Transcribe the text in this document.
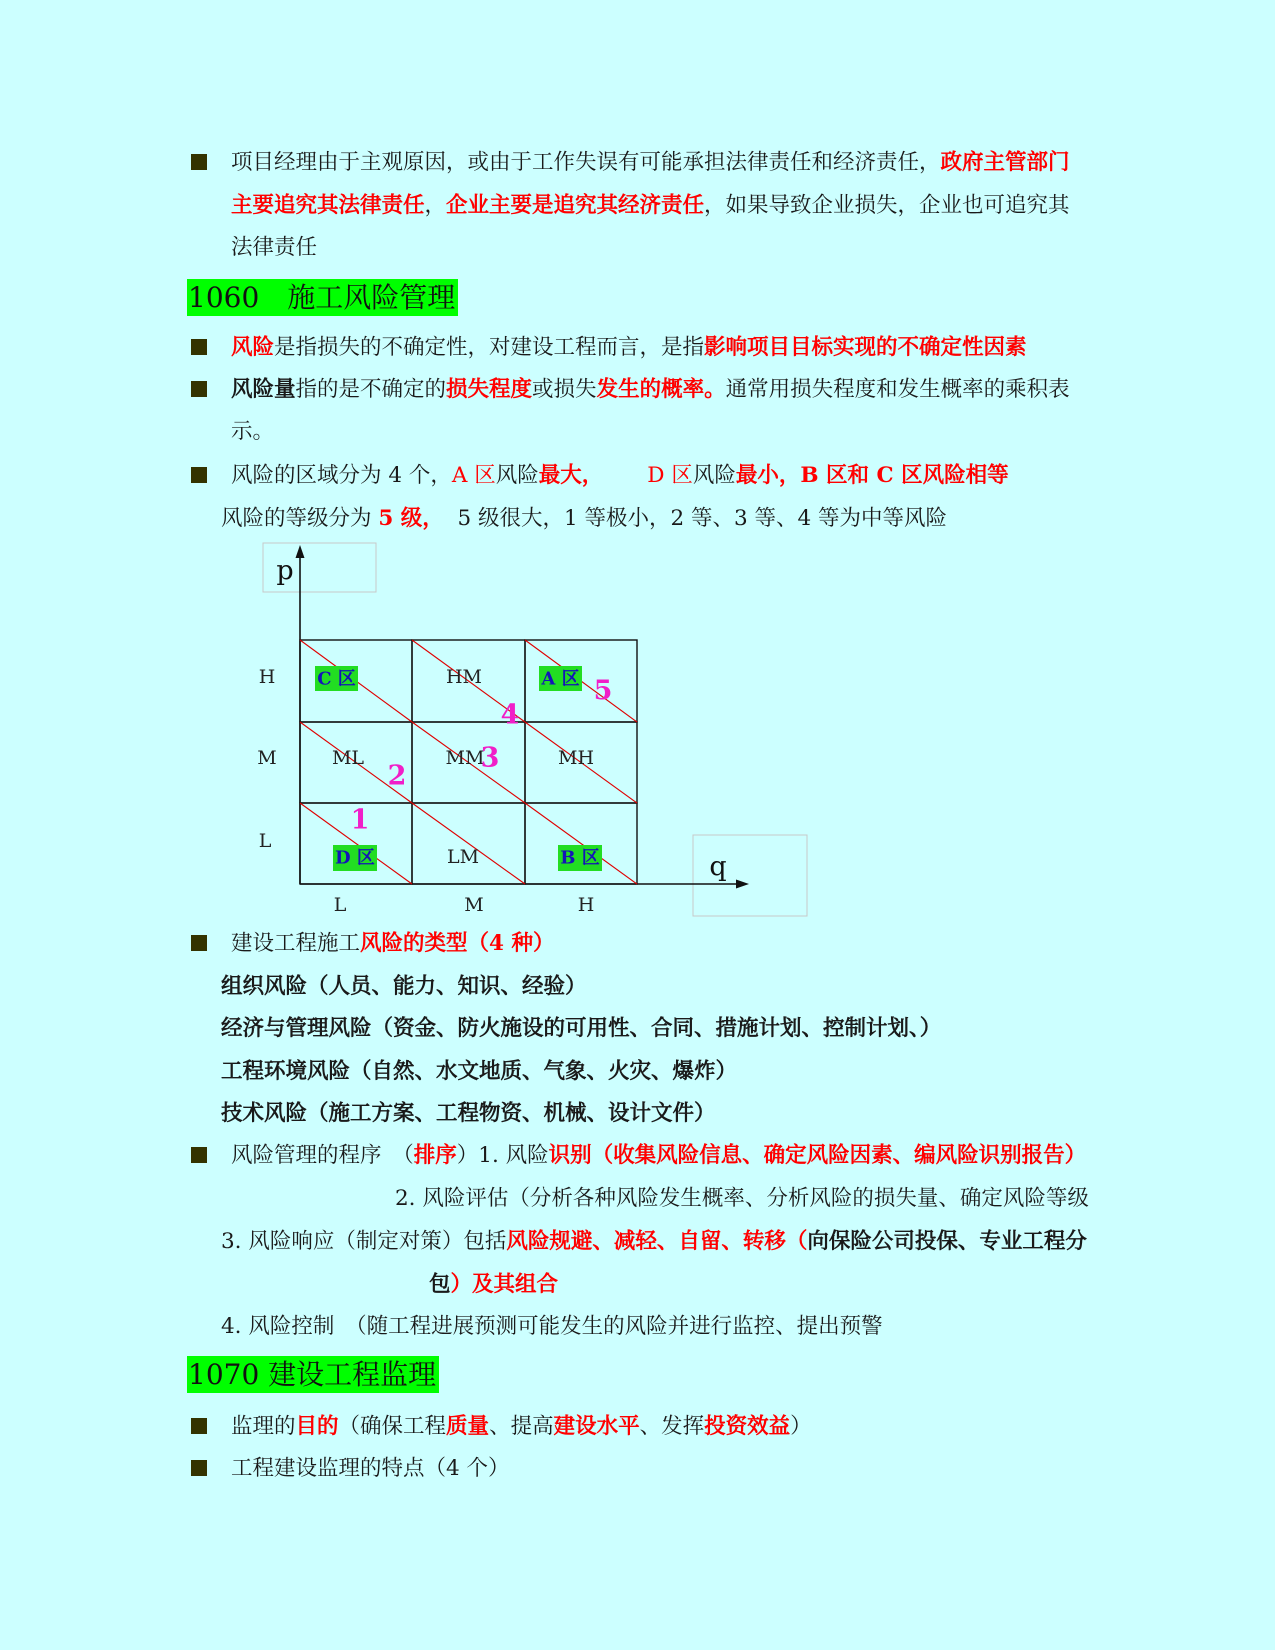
项目经理由于主观原因，或由于工作失误有可能承担法律责任和经济责任，政府主管部门
主要追究其法律责任，企业主要是追究其经济责任，如果导致企业损失，企业也可追究其
法律责任
1060　施工风险管理
风险是指损失的不确定性，对建设工程而言，是指影响项目目标实现的不确定性因素
风险量指的是不确定的损失程度或损失发生的概率。通常用损失程度和发生概率的乘积表
示。
风险的区域分为 4 个，A 区风险最大， D 区风险最小，B 区和 C 区风险相等
风险的等级分为 5 级，  5 级很大，1 等极小，2 等、3 等、4 等为中等风险
C 区	HM	A 区
ML	MM	MH
D 区	LM	B 区
H
M
L
L	M	H
p
q
1
2
3
4
5
建设工程施工风险的类型（4 种）
组织风险（人员、能力、知识、经验）
经济与管理风险（资金、防火施设的可用性、合同、措施计划、控制计划、）
工程环境风险（自然、水文地质、气象、火灾、爆炸）
技术风险（施工方案、工程物资、机械、设计文件）
风险管理的程序　（排序）1. 风险识别（收集风险信息、确定风险因素、编风险识别报告）
2. 风险评估（分析各种风险发生概率、分析风险的损失量、确定风险等级
3. 风险响应（制定对策）包括风险规避、减轻、自留、转移（向保险公司投保、专业工程分
包）及其组合
4. 风险控制　（随工程进展预测可能发生的风险并进行监控、提出预警
1070 建设工程监理
监理的目的（确保工程质量、提高建设水平、发挥投资效益）
工程建设监理的特点（4 个）
